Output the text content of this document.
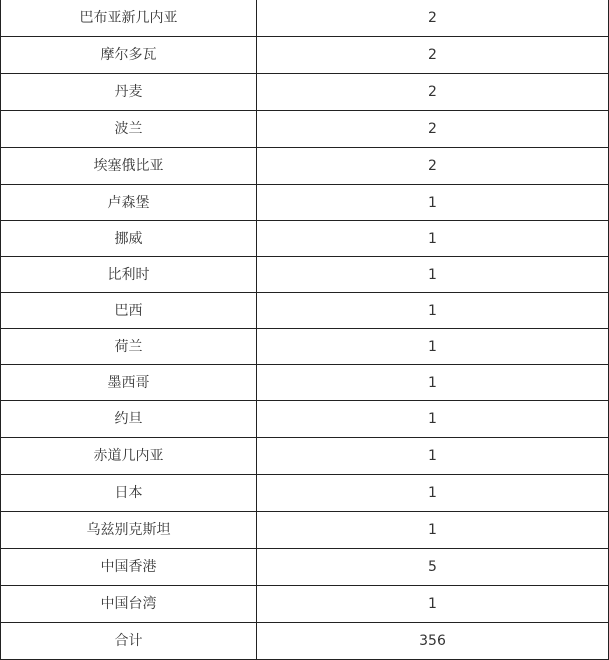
巴布亚新几内亚	2
摩尔多瓦	2
丹麦	2
波兰	2
埃塞俄比亚	2
卢森堡	1
挪威	1
比利时	1
巴西	1
荷兰	1
墨西哥	1
约旦	1
赤道几内亚	1
日本	1
乌兹别克斯坦	1
中国香港	5
中国台湾	1
合计	356
